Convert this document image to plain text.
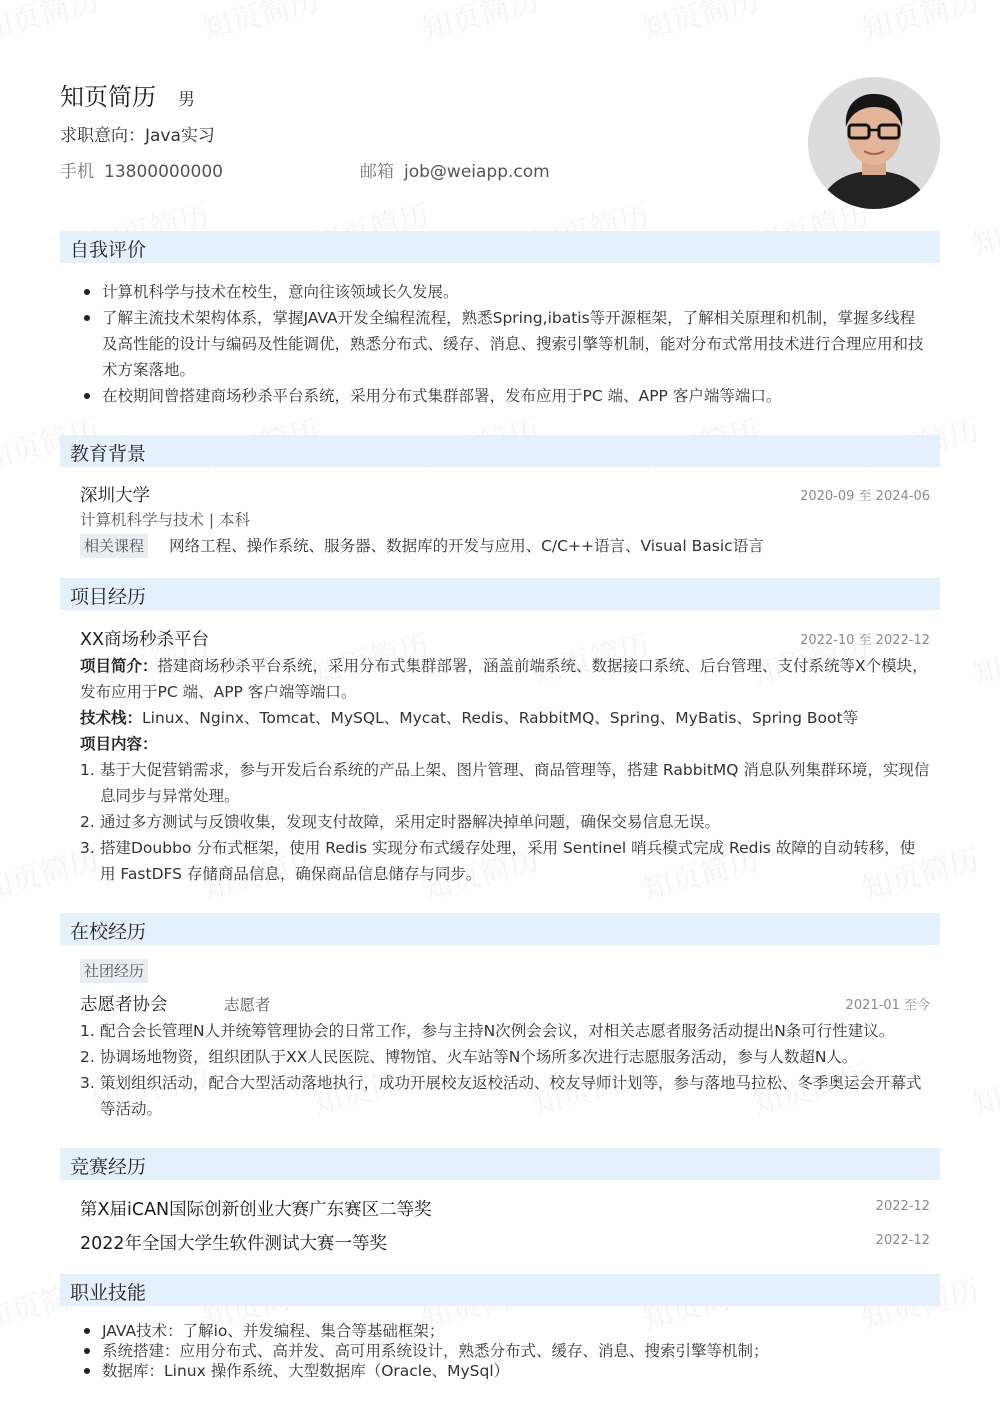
知页简历 男
求职意向：Java实习
手机 13800000000	邮箱 job@weiapp.com
自我评价
计算机科学与技术在校生，意向往该领域长久发展。
了解主流技术架构体系，掌握JAVA开发全编程流程，熟悉Spring,ibatis等开源框架，了解相关原理和机制，掌握多线程及高性能的设计与编码及性能调优，熟悉分布式、缓存、消息、搜索引擎等机制，能对分布式常用技术进行合理应用和技术方案落地。
在校期间曾搭建商场秒杀平台系统，采用分布式集群部署，发布应用于PC 端、APP 客户端等端口。
教育背景
深圳大学	2020-09 至 2024-06
计算机科学与技术 | 本科
相关课程 网络工程、操作系统、服务器、数据库的开发与应用、C/C++语言、Visual Basic语言
项目经历
XX商场秒杀平台	2022-10 至 2022-12
项目简介：搭建商场秒杀平台系统，采用分布式集群部署，涵盖前端系统、数据接口系统、后台管理、支付系统等X个模块，发布应用于PC 端、APP 客户端等端口。
技术栈：Linux、Nginx、Tomcat、MySQL、Mycat、Redis、RabbitMQ、Spring、MyBatis、Spring Boot等
项目内容：
1. 基于大促营销需求，参与开发后台系统的产品上架、图片管理、商品管理等，搭建 RabbitMQ 消息队列集群环境，实现信息同步与异常处理。
2. 通过多方测试与反馈收集，发现支付故障，采用定时器解决掉单问题，确保交易信息无误。
3. 搭建Doubbo 分布式框架，使用 Redis 实现分布式缓存处理，采用 Sentinel 哨兵模式完成 Redis 故障的自动转移，使用 FastDFS 存储商品信息，确保商品信息储存与同步。
在校经历
社团经历
志愿者协会	志愿者	2021-01 至今
1. 配合会长管理N人并统筹管理协会的日常工作，参与主持N次例会会议，对相关志愿者服务活动提出N条可行性建议。
2. 协调场地物资，组织团队于XX人民医院、博物馆、火车站等N个场所多次进行志愿服务活动，参与人数超N人。
3. 策划组织活动，配合大型活动落地执行，成功开展校友返校活动、校友导师计划等，参与落地马拉松、冬季奥运会开幕式等活动。
竞赛经历
第X届iCAN国际创新创业大赛广东赛区二等奖	2022-12
2022年全国大学生软件测试大赛一等奖	2022-12
职业技能
JAVA技术：了解io、并发编程、集合等基础框架；
系统搭建：应用分布式、高并发、高可用系统设计，熟悉分布式、缓存、消息、搜索引擎等机制；
数据库：Linux 操作系统、大型数据库（Oracle、MySql）
